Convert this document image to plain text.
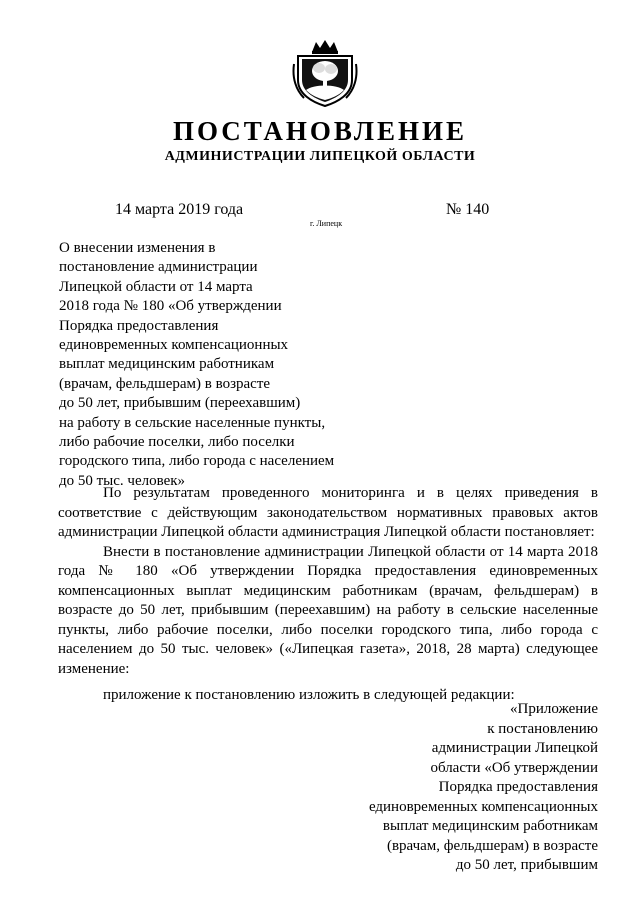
ПОСТАНОВЛЕНИЕ
АДМИНИСТРАЦИИ ЛИПЕЦКОЙ ОБЛАСТИ
14 марта 2019 года
г. Липецк
№ 140
О внесении изменения в
постановление администрации
Липецкой области от 14 марта
2018 года № 180 «Об утверждении
Порядка предоставления
единовременных компенсационных
выплат медицинским работникам
(врачам, фельдшерам) в возрасте
до 50 лет, прибывшим (переехавшим)
на работу в сельские населенные пункты,
либо рабочие поселки, либо поселки
городского типа, либо города с населением
до 50 тыс. человек»

По результатам проведенного мониторинга и в целях приведения в соответствие с действующим законодательством нормативных правовых актов администрации Липецкой области администрация Липецкой области постановляет:

Внести в постановление администрации Липецкой области от 14 марта 2018 года № 180 «Об утверждении Порядка предоставления единовременных компенсационных выплат медицинским работникам (врачам, фельдшерам) в возрасте до 50 лет, прибывшим (переехавшим) на работу в сельские населенные пункты, либо рабочие поселки, либо поселки городского типа, либо города с населением до 50 тыс. человек» («Липецкая газета», 2018, 28 марта) следующее изменение:

приложение к постановлению изложить в следующей редакции:

«Приложение
к постановлению
администрации Липецкой
области «Об утверждении
Порядка предоставления
единовременных компенсационных
выплат медицинским работникам
(врачам, фельдшерам) в возрасте
до 50 лет, прибывшим
